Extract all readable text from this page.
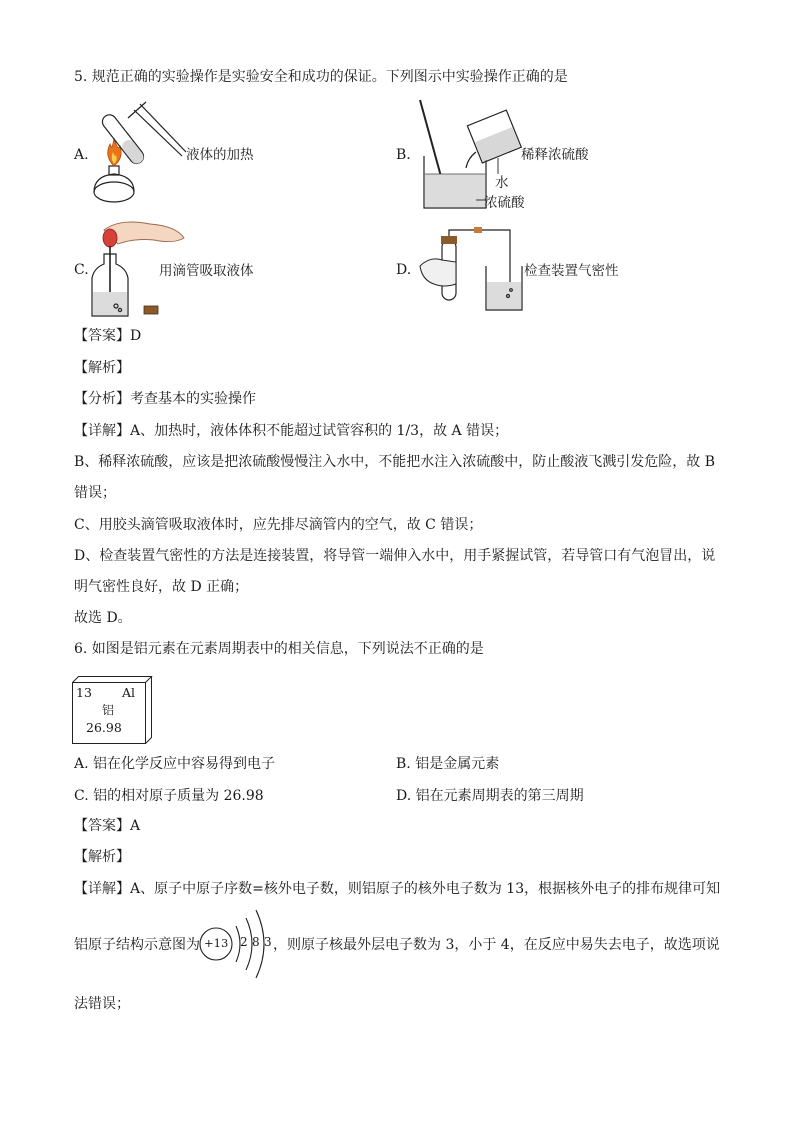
5. 规范正确的实验操作是实验安全和成功的保证。下列图示中实验操作正确的是
A.	液体的加热	B.	稀释浓硫酸
水
浓硫酸
C.	用滴管吸取液体	D.	检查装置气密性
【答案】D
【解析】
【分析】考查基本的实验操作
【详解】A、加热时，液体体积不能超过试管容积的 1/3，故 A 错误；
B、稀释浓硫酸，应该是把浓硫酸慢慢注入水中，不能把水注入浓硫酸中，防止酸液飞溅引发危险，故 B
错误；
C、用胶头滴管吸取液体时，应先排尽滴管内的空气，故 C 错误；
D、检查装置气密性的方法是连接装置，将导管一端伸入水中，用手紧握试管，若导管口有气泡冒出，说
明气密性良好，故 D 正确；
故选 D。
6. 如图是铝元素在元素周期表中的相关信息，下列说法不正确的是
13 Al
铝
26.98
A. 铝在化学反应中容易得到电子	B. 铝是金属元素
C. 铝的相对原子质量为 26.98	D. 铝在元素周期表的第三周期
【答案】A
【解析】
【详解】A、原子中原子序数=核外电子数，则铝原子的核外电子数为 13，根据核外电子的排布规律可知
铝原子结构示意图为 +13 2 8 3 ，则原子核最外层电子数为 3，小于 4，在反应中易失去电子，故选项说
法错误；
